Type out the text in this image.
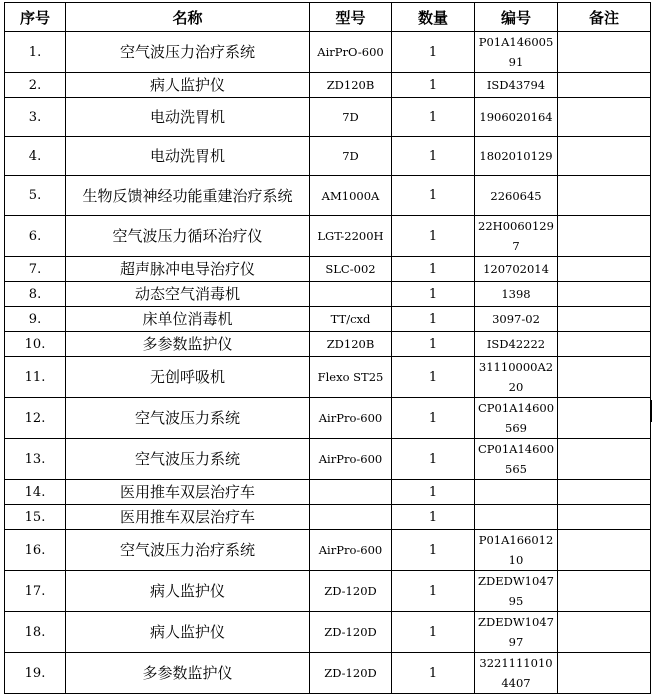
序号	名称	型号	数量	编号	备注
1.	空气波压力治疗系统	AirPrO-600	1	P01A14600591	
2.	病人监护仪	ZD120B	1	ISD43794	
3.	电动洗胃机	7D	1	1906020164	
4.	电动洗胃机	7D	1	1802010129	
5.	生物反馈神经功能重建治疗系统	AM1000A	1	2260645	
6.	空气波压力循环治疗仪	LGT-2200H	1	22H00601297	
7.	超声脉冲电导治疗仪	SLC-002	1	120702014	
8.	动态空气消毒机		1	1398	
9.	床单位消毒机	TT/cxd	1	3097-02	
10.	多参数监护仪	ZD120B	1	ISD42222	
11.	无创呼吸机	Flexo ST25	1	31110000A220	
12.	空气波压力系统	AirPro-600	1	CP01A14600569	
13.	空气波压力系统	AirPro-600	1	CP01A14600565	
14.	医用推车双层治疗车		1		
15.	医用推车双层治疗车		1		
16.	空气波压力治疗系统	AirPro-600	1	P01A16601210	
17.	病人监护仪	ZD-120D	1	ZDEDW104795	
18.	病人监护仪	ZD-120D	1	ZDEDW104797	
19.	多参数监护仪	ZD-120D	1	32211110104407	
